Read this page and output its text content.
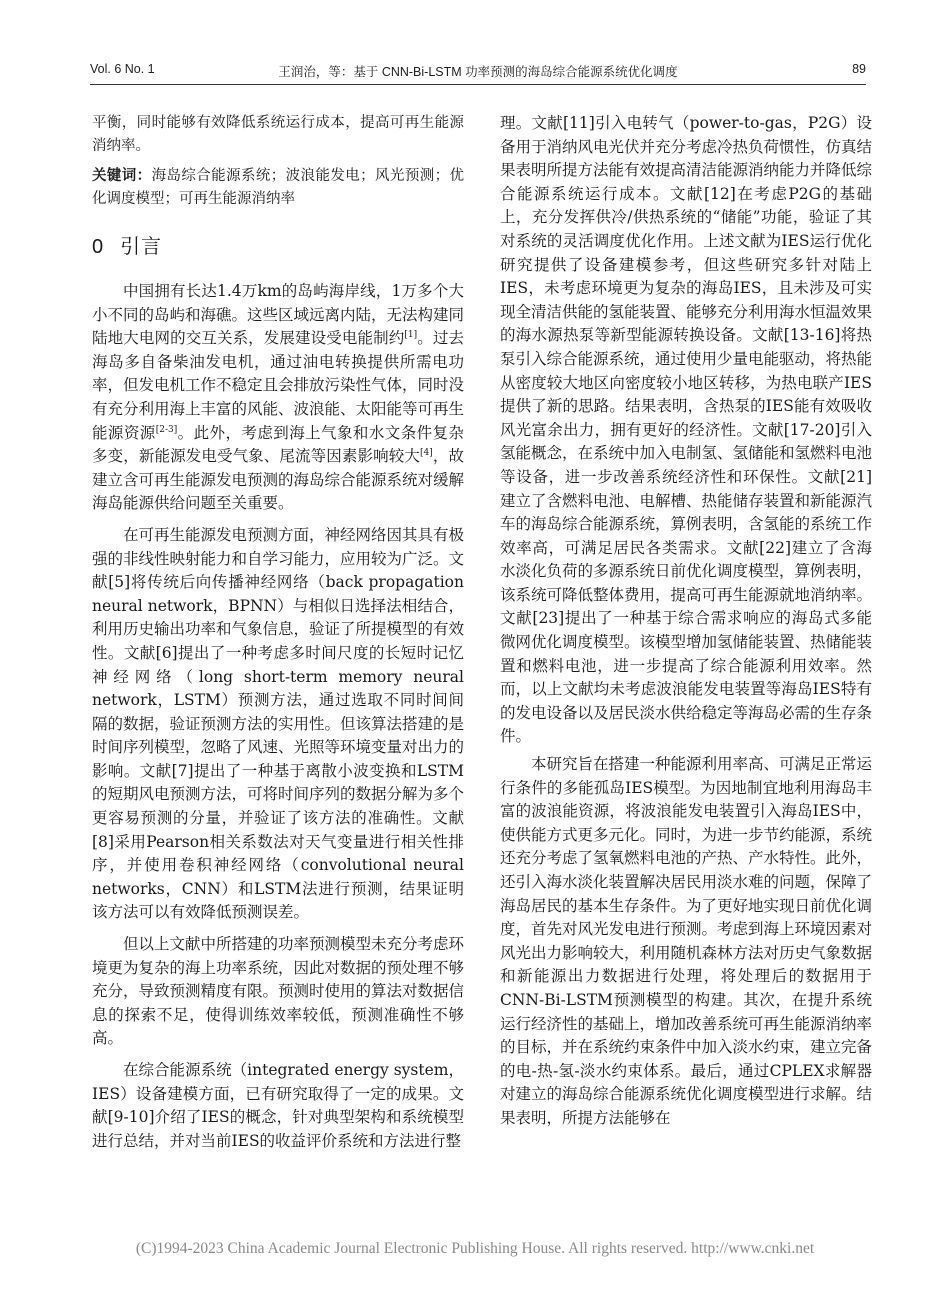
Vol. 6 No. 1	王润治，等：基于 CNN-Bi-LSTM 功率预测的海岛综合能源系统优化调度	89

平衡，同时能够有效降低系统运行成本，提高可再生能源消纳率。

关键词：海岛综合能源系统；波浪能发电；风光预测；优化调度模型；可再生能源消纳率

0 引言

中国拥有长达1.4万km的岛屿海岸线，1万多个大小不同的岛屿和海礁。这些区域远离内陆，无法构建同陆地大电网的交互关系，发展建设受电能制约[1]。过去海岛多自备柴油发电机，通过油电转换提供所需电功率，但发电机工作不稳定且会排放污染性气体，同时没有充分利用海上丰富的风能、波浪能、太阳能等可再生能源资源[2-3]。此外，考虑到海上气象和水文条件复杂多变，新能源发电受气象、尾流等因素影响较大[4]，故建立含可再生能源发电预测的海岛综合能源系统对缓解海岛能源供给问题至关重要。

在可再生能源发电预测方面，神经网络因其具有极强的非线性映射能力和自学习能力，应用较为广泛。文献[5]将传统后向传播神经网络（back propagation neural network，BPNN）与相似日选择法相结合，利用历史输出功率和气象信息，验证了所提模型的有效性。文献[6]提出了一种考虑多时间尺度的长短时记忆神经网络（long short-term memory neural network，LSTM）预测方法，通过选取不同时间间隔的数据，验证预测方法的实用性。但该算法搭建的是时间序列模型，忽略了风速、光照等环境变量对出力的影响。文献[7]提出了一种基于离散小波变换和LSTM的短期风电预测方法，可将时间序列的数据分解为多个更容易预测的分量，并验证了该方法的准确性。文献[8]采用Pearson相关系数法对天气变量进行相关性排序，并使用卷积神经网络（convolutional neural networks，CNN）和LSTM法进行预测，结果证明该方法可以有效降低预测误差。

但以上文献中所搭建的功率预测模型未充分考虑环境更为复杂的海上功率系统，因此对数据的预处理不够充分，导致预测精度有限。预测时使用的算法对数据信息的探索不足，使得训练效率较低，预测准确性不够高。

在综合能源系统（integrated energy system，IES）设备建模方面，已有研究取得了一定的成果。文献[9-10]介绍了IES的概念，针对典型架构和系统模型进行总结，并对当前IES的收益评价系统和方法进行整

理。文献[11]引入电转气（power-to-gas，P2G）设备用于消纳风电光伏并充分考虑冷热负荷惯性，仿真结果表明所提方法能有效提高清洁能源消纳能力并降低综合能源系统运行成本。文献[12]在考虑P2G的基础上，充分发挥供冷/供热系统的“储能”功能，验证了其对系统的灵活调度优化作用。上述文献为IES运行优化研究提供了设备建模参考，但这些研究多针对陆上IES，未考虑环境更为复杂的海岛IES，且未涉及可实现全清洁供能的氢能装置、能够充分利用海水恒温效果的海水源热泵等新型能源转换设备。文献[13-16]将热泵引入综合能源系统，通过使用少量电能驱动，将热能从密度较大地区向密度较小地区转移，为热电联产IES提供了新的思路。结果表明，含热泵的IES能有效吸收风光富余出力，拥有更好的经济性。文献[17-20]引入氢能概念，在系统中加入电制氢、氢储能和氢燃料电池等设备，进一步改善系统经济性和环保性。文献[21]建立了含燃料电池、电解槽、热能储存装置和新能源汽车的海岛综合能源系统，算例表明，含氢能的系统工作效率高，可满足居民各类需求。文献[22]建立了含海水淡化负荷的多源系统日前优化调度模型，算例表明，该系统可降低整体费用，提高可再生能源就地消纳率。文献[23]提出了一种基于综合需求响应的海岛式多能微网优化调度模型。该模型增加氢储能装置、热储能装置和燃料电池，进一步提高了综合能源利用效率。然而，以上文献均未考虑波浪能发电装置等海岛IES特有的发电设备以及居民淡水供给稳定等海岛必需的生存条件。

本研究旨在搭建一种能源利用率高、可满足正常运行条件的多能孤岛IES模型。为因地制宜地利用海岛丰富的波浪能资源，将波浪能发电装置引入海岛IES中，使供能方式更多元化。同时，为进一步节约能源，系统还充分考虑了氢氧燃料电池的产热、产水特性。此外，还引入海水淡化装置解决居民用淡水难的问题，保障了海岛居民的基本生存条件。为了更好地实现日前优化调度，首先对风光发电进行预测。考虑到海上环境因素对风光出力影响较大，利用随机森林方法对历史气象数据和新能源出力数据进行处理，将处理后的数据用于CNN-Bi-LSTM预测模型的构建。其次，在提升系统运行经济性的基础上，增加改善系统可再生能源消纳率的目标，并在系统约束条件中加入淡水约束，建立完备的电-热-氢-淡水约束体系。最后，通过CPLEX求解器对建立的海岛综合能源系统优化调度模型进行求解。结果表明，所提方法能够在

(C)1994-2023 China Academic Journal Electronic Publishing House. All rights reserved. http://www.cnki.net
